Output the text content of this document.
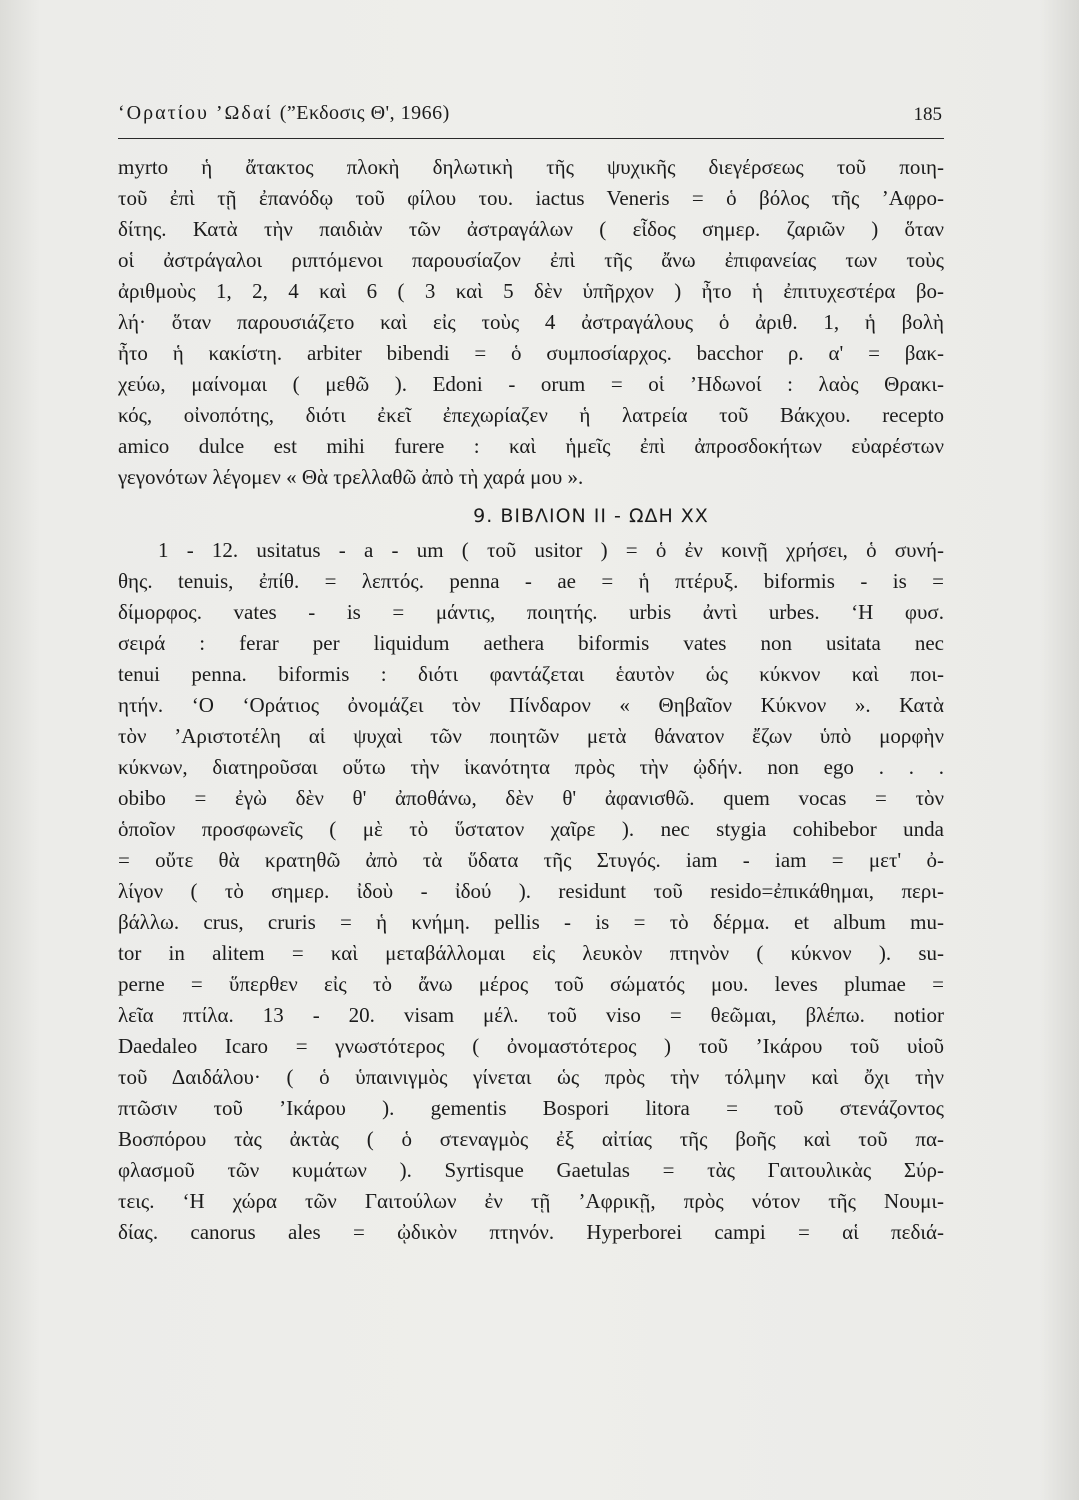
‘Ορατίου ’Ωδαί (”Εκδοσις Θ', 1966)	185
myrto ἡ ἄτακτος πλοκὴ δηλωτικὴ τῆς ψυχικῆς διεγέρσεως τοῦ ποιη-
τοῦ ἐπὶ τῇ ἐπανόδῳ τοῦ φίλου του. iactus Veneris = ὁ βόλος τῆς ’Αφρο-
δίτης. Κατὰ τὴν παιδιὰν τῶν ἀστραγάλων ( εἶδος σημερ. ζαριῶν ) ὅταν
οἱ ἀστράγαλοι ριπτόμενοι παρουσίαζον ἐπὶ τῆς ἄνω ἐπιφανείας των τοὺς
ἀριθμοὺς 1, 2, 4 καὶ 6 ( 3 καὶ 5 δὲν ὑπῆρχον ) ἦτο ἡ ἐπιτυχεστέρα βο-
λή· ὅταν παρουσιάζετο καὶ εἰς τοὺς 4 ἀστραγάλους ὁ ἀριθ. 1, ἡ βολὴ
ἦτο ἡ κακίστη. arbiter bibendi = ὁ συμποσίαρχος. bacchor ρ. α' = βακ-
χεύω, μαίνομαι ( μεθῶ ). Edoni - orum = οἱ ’Ηδωνοί : λαὸς Θρακι-
κός, οἰνοπότης, διότι ἐκεῖ ἐπεχωρίαζεν ἡ λατρεία τοῦ Βάκχου. recepto
amico dulce est mihi furere : καὶ ἡμεῖς ἐπὶ ἀπροσδοκήτων εὐαρέστων
γεγονότων λέγομεν « Θὰ τρελλαθῶ ἀπὸ τὴ χαρά μου ».
9. ΒΙΒΛΙΟΝ ΙΙ - ΩΔΗ ΧΧ
1 - 12. usitatus - a - um ( τοῦ usitor ) = ὁ ἐν κοινῇ χρήσει, ὁ συνή-
θης. tenuis, ἐπίθ. = λεπτός. penna - ae = ἡ πτέρυξ. biformis - is =
δίμορφος. vates - is = μάντις, ποιητής. urbis ἀντὶ urbes. ‘Η φυσ.
σειρά : ferar per liquidum aethera biformis vates non usitata nec
tenui penna. biformis : διότι φαντάζεται ἑαυτὸν ὡς κύκνον καὶ ποι-
ητήν. ‘Ο ‘Οράτιος ὀνομάζει τὸν Πίνδαρον « Θηβαῖον Κύκνον ». Κατὰ
τὸν ’Αριστοτέλη αἱ ψυχαὶ τῶν ποιητῶν μετὰ θάνατον ἔζων ὑπὸ μορφὴν
κύκνων, διατηροῦσαι οὕτω τὴν ἱκανότητα πρὸς τὴν ᾠδήν. non ego . . .
obibo = ἐγὼ δὲν θ' ἀποθάνω, δὲν θ' ἀφανισθῶ. quem vocas = τὸν
ὁποῖον προσφωνεῖς ( μὲ τὸ ὕστατον χαῖρε ). nec stygia cohibebor unda
= οὔτε θὰ κρατηθῶ ἀπὸ τὰ ὕδατα τῆς Στυγός. iam - iam = μετ' ὀ-
λίγον ( τὸ σημερ. ἰδοὺ - ἰδού ). residunt τοῦ resido=ἐπικάθημαι, περι-
βάλλω. crus, cruris = ἡ κνήμη. pellis - is = τὸ δέρμα. et album mu-
tor in alitem = καὶ μεταβάλλομαι εἰς λευκὸν πτηνὸν ( κύκνον ). su-
perne = ὕπερθεν εἰς τὸ ἄνω μέρος τοῦ σώματός μου. leves plumae =
λεῖα πτίλα. 13 - 20. visam μέλ. τοῦ viso = θεῶμαι, βλέπω. notior
Daedaleo Icaro = γνωστότερος ( ὀνομαστότερος ) τοῦ ’Ικάρου τοῦ υἱοῦ
τοῦ Δαιδάλου· ( ὁ ὑπαινιγμὸς γίνεται ὡς πρὸς τὴν τόλμην καὶ ὄχι τὴν
πτῶσιν τοῦ ’Ικάρου ). gementis Bospori litora = τοῦ στενάζοντος
Βοσπόρου τὰς ἀκτὰς ( ὁ στεναγμὸς ἐξ αἰτίας τῆς βοῆς καὶ τοῦ πα-
φλασμοῦ τῶν κυμάτων ). Syrtisque Gaetulas = τὰς Γαιτουλικὰς Σύρ-
τεις. ‘Η χώρα τῶν Γαιτούλων ἐν τῇ ’Αφρικῇ, πρὸς νότον τῆς Νουμι-
δίας. canorus ales = ᾠδικὸν πτηνόν. Hyperborei campi = αἱ πεδιά-
